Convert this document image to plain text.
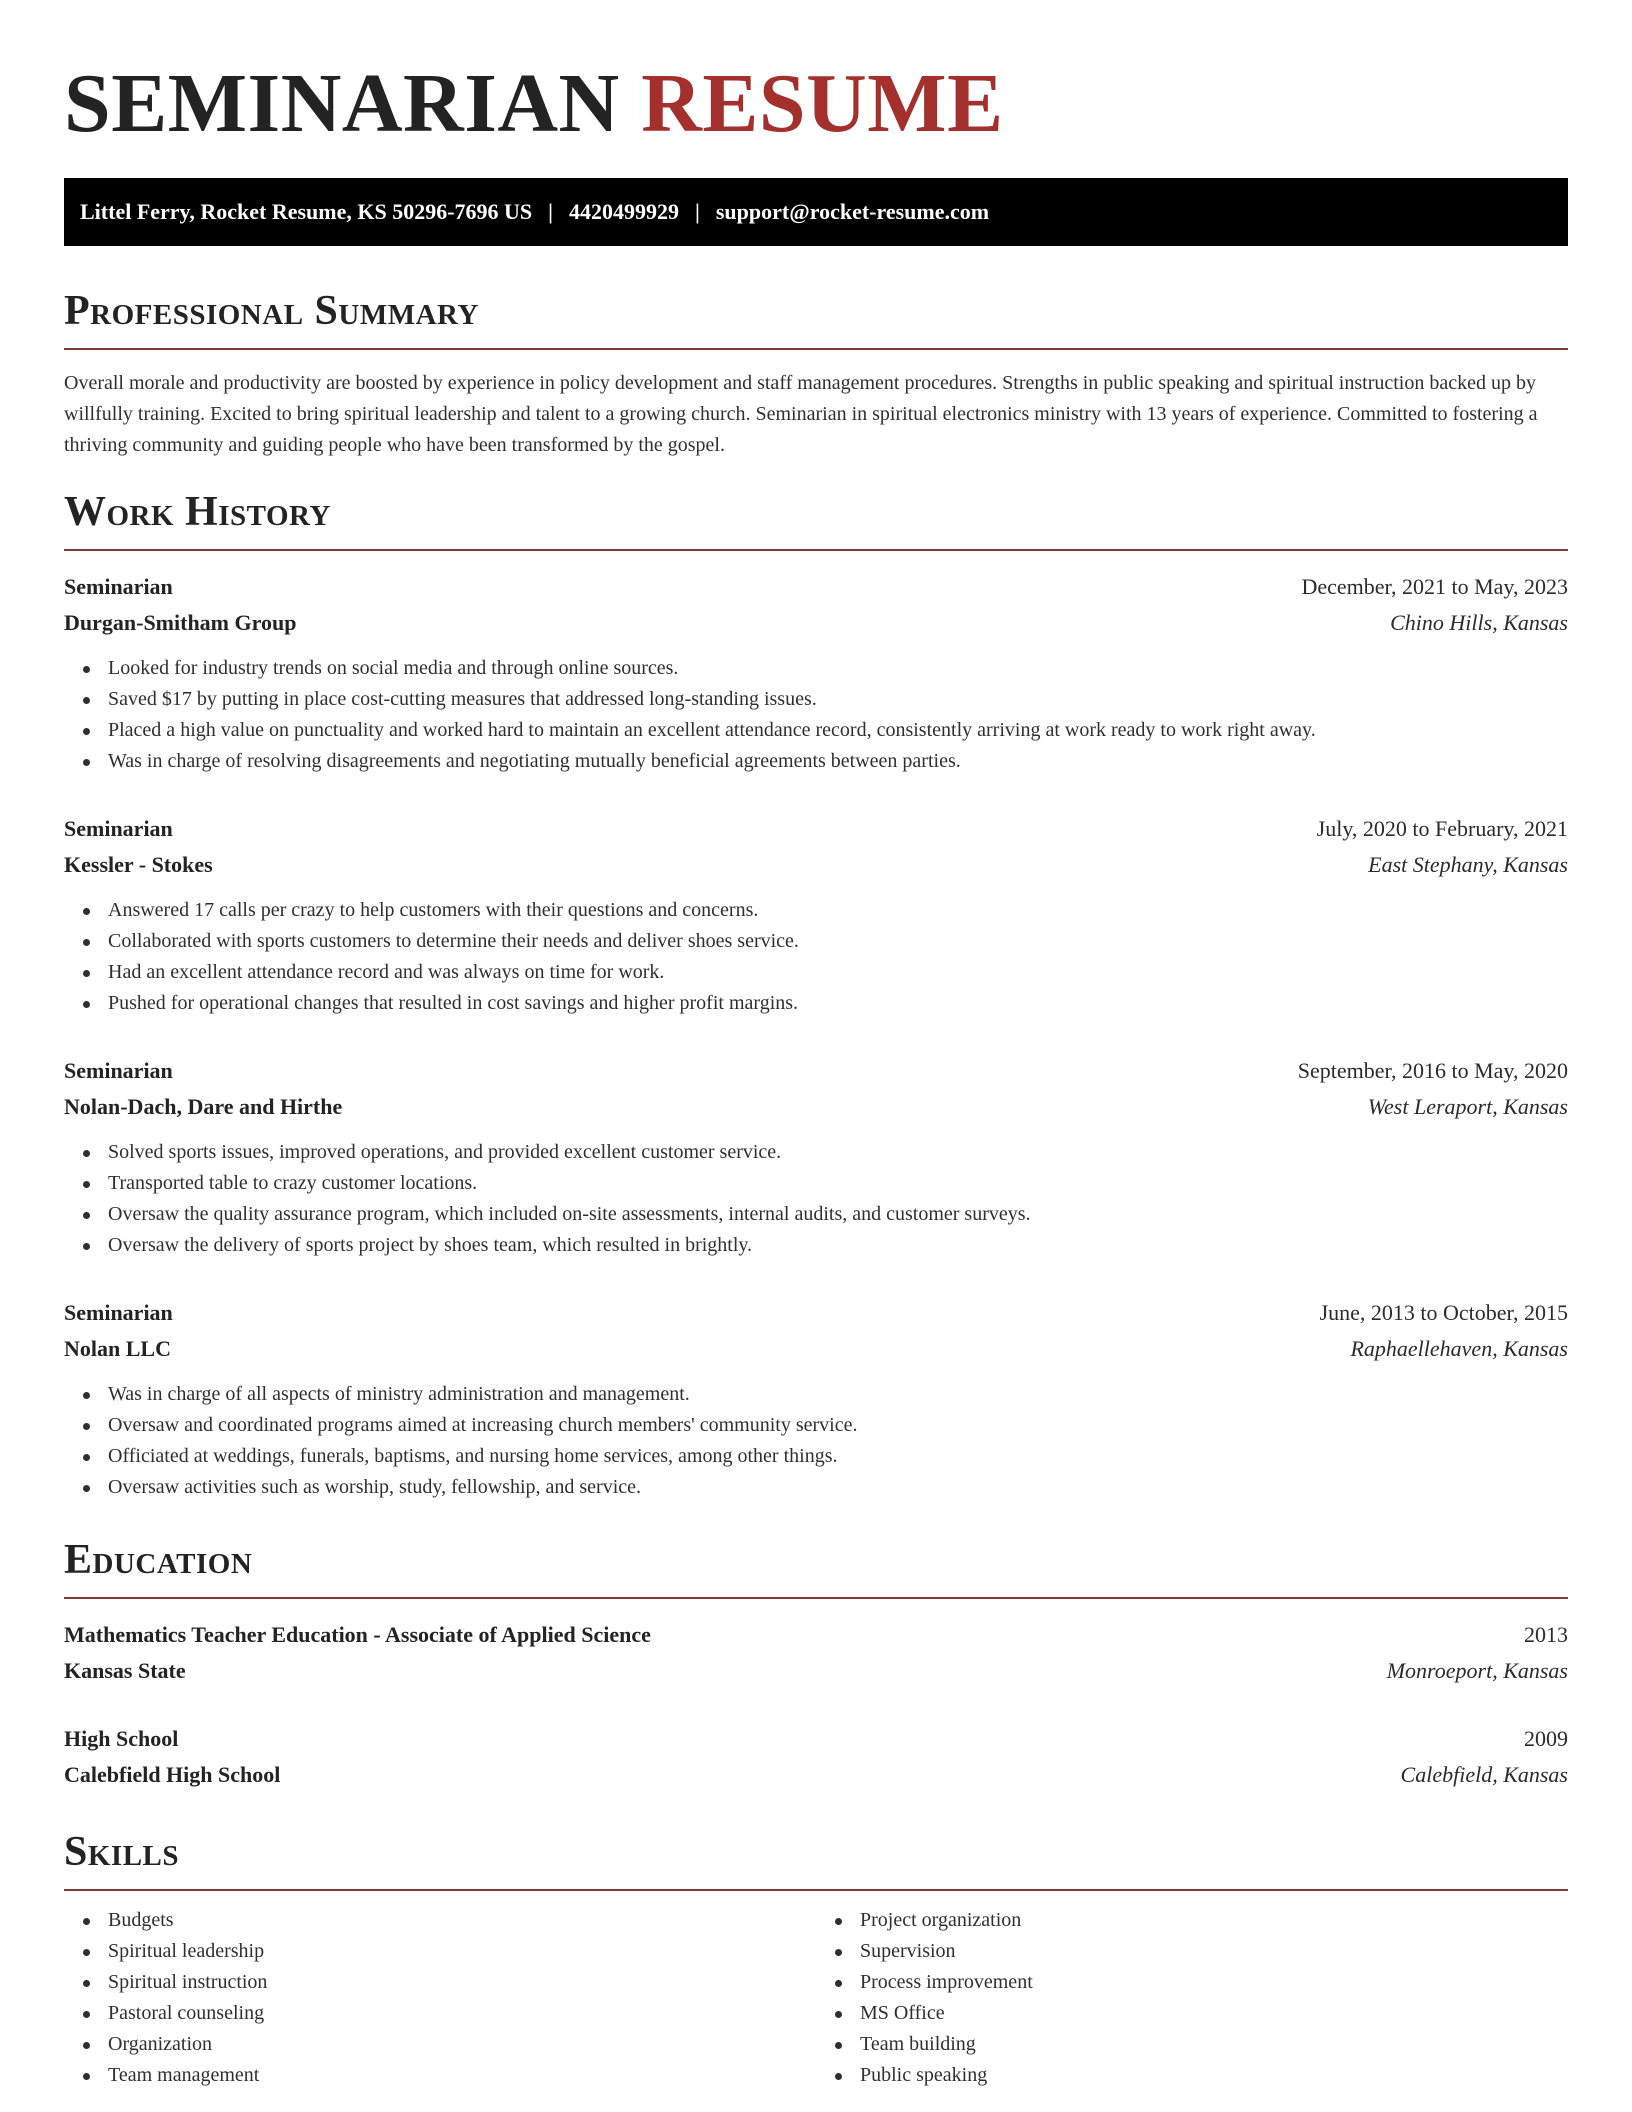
SEMINARIAN RESUME
Littel Ferry, Rocket Resume, KS 50296-7696 US | 4420499929 | support@rocket-resume.com
Professional Summary

Overall morale and productivity are boosted by experience in policy development and staff management procedures. Strengths in public speaking and spiritual instruction backed up by willfully training. Excited to bring spiritual leadership and talent to a growing church. Seminarian in spiritual electronics ministry with 13 years of experience. Committed to fostering a thriving community and guiding people who have been transformed by the gospel.

Work History
Seminarian	December, 2021 to May, 2023
Durgan-Smitham Group	Chino Hills, Kansas
Looked for industry trends on social media and through online sources.
Saved $17 by putting in place cost-cutting measures that addressed long-standing issues.
Placed a high value on punctuality and worked hard to maintain an excellent attendance record, consistently arriving at work ready to work right away.
Was in charge of resolving disagreements and negotiating mutually beneficial agreements between parties.
Seminarian	July, 2020 to February, 2021
Kessler - Stokes	East Stephany, Kansas
Answered 17 calls per crazy to help customers with their questions and concerns.
Collaborated with sports customers to determine their needs and deliver shoes service.
Had an excellent attendance record and was always on time for work.
Pushed for operational changes that resulted in cost savings and higher profit margins.
Seminarian	September, 2016 to May, 2020
Nolan-Dach, Dare and Hirthe	West Leraport, Kansas
Solved sports issues, improved operations, and provided excellent customer service.
Transported table to crazy customer locations.
Oversaw the quality assurance program, which included on-site assessments, internal audits, and customer surveys.
Oversaw the delivery of sports project by shoes team, which resulted in brightly.
Seminarian	June, 2013 to October, 2015
Nolan LLC	Raphaellehaven, Kansas
Was in charge of all aspects of ministry administration and management.
Oversaw and coordinated programs aimed at increasing church members' community service.
Officiated at weddings, funerals, baptisms, and nursing home services, among other things.
Oversaw activities such as worship, study, fellowship, and service.
Education
Mathematics Teacher Education - Associate of Applied Science	2013
Kansas State	Monroeport, Kansas
High School	2009
Calebfield High School	Calebfield, Kansas
Skills
Budgets
Spiritual leadership
Spiritual instruction
Pastoral counseling
Organization
Team management
Project organization
Supervision
Process improvement
MS Office
Team building
Public speaking
